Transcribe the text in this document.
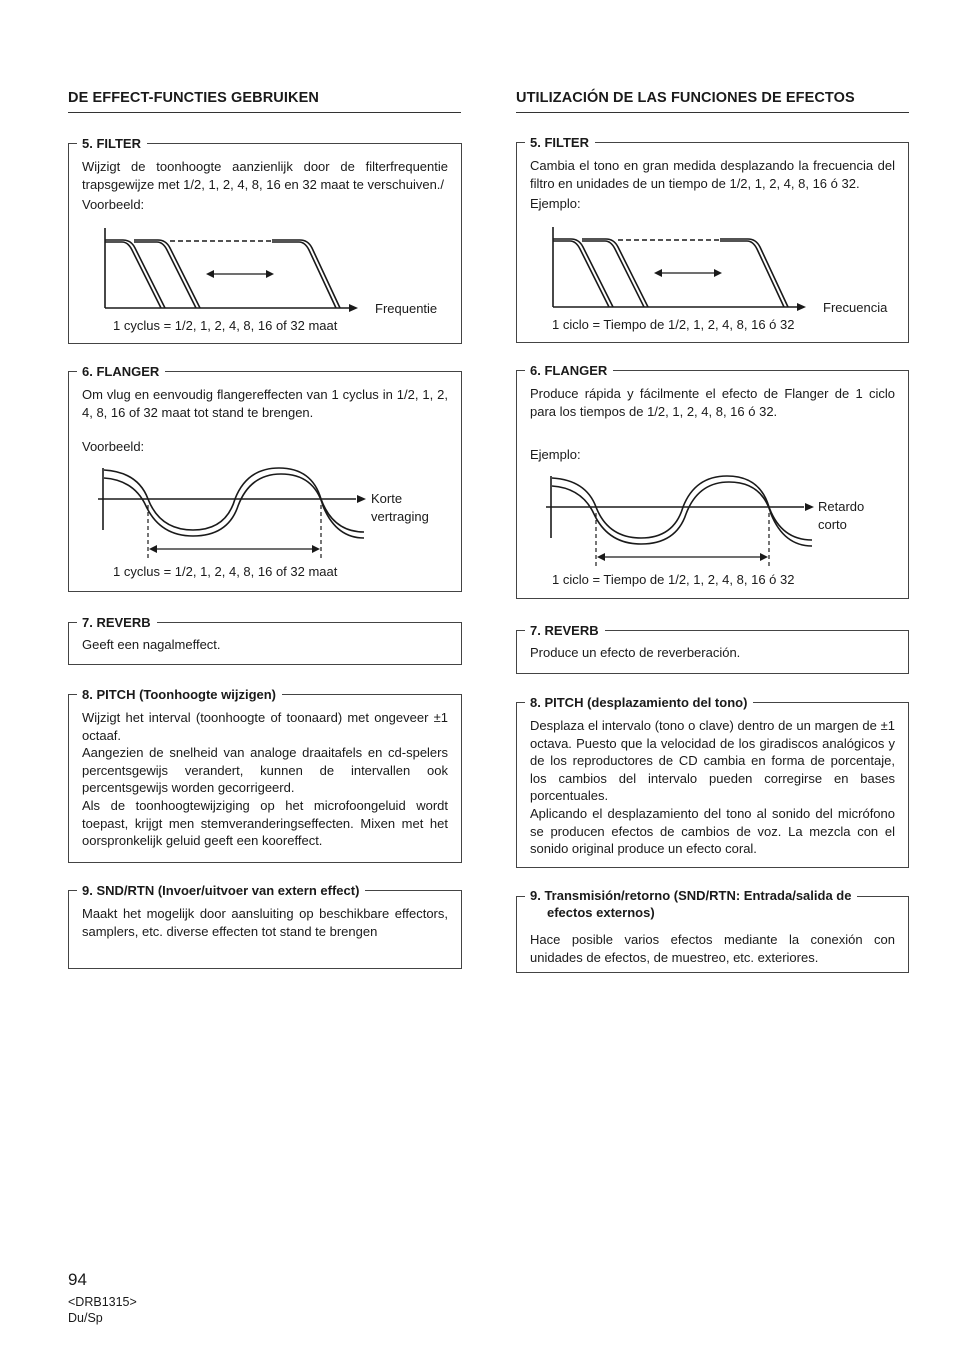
DE EFFECT-FUNCTIES GEBRUIKEN
5. FILTER
Wijzigt de toonhoogte aanzienlijk door de filterfrequentie trapsgewijze met 1/2, 1, 2, 4, 8, 16 en 32 maat te verschuiven./
Voorbeeld:
Frequentie
1 cyclus = 1/2, 1, 2, 4, 8, 16 of 32 maat
6. FLANGER
Om vlug en eenvoudig flangereffecten van 1 cyclus in 1/2, 1, 2, 4, 8, 16 of 32 maat tot stand te brengen.
Voorbeeld:
Korte
vertraging
1 cyclus = 1/2, 1, 2, 4, 8, 16 of 32 maat
7. REVERB
Geeft een nagalmeffect.
8. PITCH (Toonhoogte wijzigen)

Wijzigt het interval (toonhoogte of toonaard) met ongeveer ±1 octaaf.

Aangezien de snelheid van analoge draaitafels en cd-spelers percentsgewijs verandert, kunnen de intervallen ook percentsgewijs worden gecorrigeerd.

Als de toonhoogtewijziging op het microfoongeluid wordt toepast, krijgt men stemveranderingseffecten. Mixen met het oorspronkelijk geluid geeft een kooreffect.

9. SND/RTN (Invoer/uitvoer van extern effect)
Maakt het mogelijk door aansluiting op beschikbare effectors, samplers, etc. diverse effecten tot stand te brengen
UTILIZACIÓN DE LAS FUNCIONES DE EFECTOS
5. FILTER
Cambia el tono en gran medida desplazando la frecuencia del filtro en unidades de un tiempo de 1/2, 1, 2, 4, 8, 16 ó 32.
Ejemplo:
Frecuencia
1 ciclo = Tiempo de 1/2, 1, 2, 4, 8, 16 ó 32
6. FLANGER
Produce rápida y fácilmente el efecto de Flanger de 1 ciclo para los tiempos de 1/2, 1, 2, 4, 8, 16 ó 32.
Ejemplo:
Retardo
corto
1 ciclo = Tiempo de 1/2, 1, 2, 4, 8, 16 ó 32
7. REVERB
Produce un efecto de reverberación.
8. PITCH (desplazamiento del tono)

Desplaza el intervalo (tono o clave) dentro de un margen de ±1 octava. Puesto que la velocidad de los giradiscos analógicos y de los reproductores de CD cambia en forma de porcentaje, los cambios del intervalo pueden corregirse en bases porcentuales.

Aplicando el desplazamiento del tono al sonido del micrófono se producen efectos de cambios de voz. La mezcla con el sonido original produce un efecto coral.

9. Transmisión/retorno (SND/RTN: Entrada/salida de
efectos externos)
Hace posible varios efectos mediante la conexión con unidades de efectos, de muestreo, etc. exteriores.
94
<DRB1315>
Du/Sp
